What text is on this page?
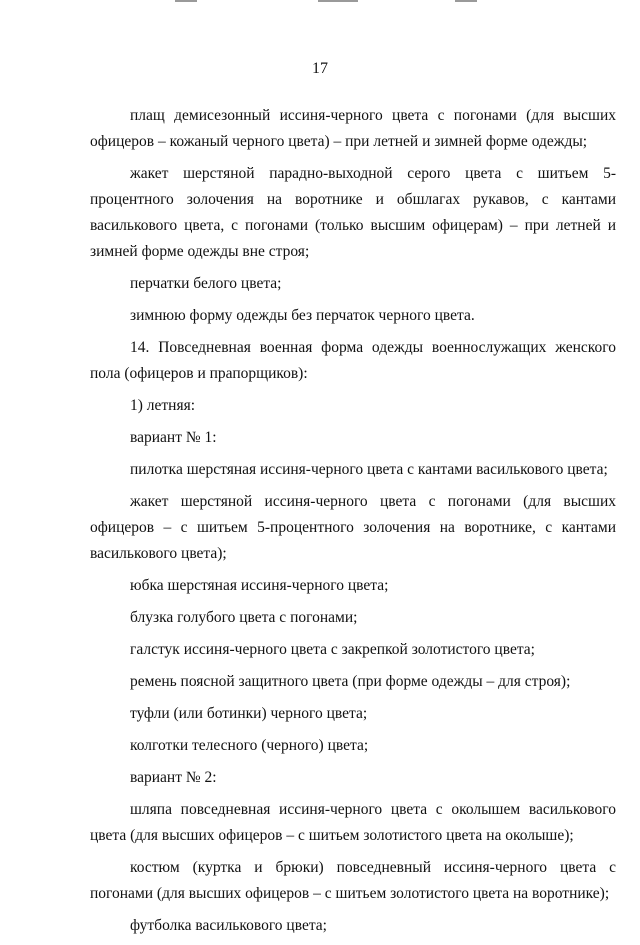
17

плащ демисезонный иссиня-черного цвета с погонами (для высших офицеров – кожаный черного цвета) – при летней и зимней форме одежды;

жакет шерстяной парадно-выходной серого цвета с шитьем 5-процентного золочения на воротнике и обшлагах рукавов, с кантами василькового цвета, с погонами (только высшим офицерам) – при летней и зимней форме одежды вне строя;

перчатки белого цвета;

зимнюю форму одежды без перчаток черного цвета.

14. Повседневная военная форма одежды военнослужащих женского пола (офицеров и прапорщиков):

1) летняя:

вариант № 1:

пилотка шерстяная иссиня-черного цвета с кантами василькового цвета;

жакет шерстяной иссиня-черного цвета с погонами (для высших офицеров – с шитьем 5-процентного золочения на воротнике, с кантами василькового цвета);

юбка шерстяная иссиня-черного цвета;

блузка голубого цвета с погонами;

галстук иссиня-черного цвета с закрепкой золотистого цвета;

ремень поясной защитного цвета (при форме одежды – для строя);

туфли (или ботинки) черного цвета;

колготки телесного (черного) цвета;

вариант № 2:

шляпа повседневная иссиня-черного цвета с околышем василькового цвета (для высших офицеров – с шитьем золотистого цвета на околыше);

костюм (куртка и брюки) повседневный иссиня-черного цвета с погонами (для высших офицеров – с шитьем золотистого цвета на воротнике);

футболка василькового цвета;
